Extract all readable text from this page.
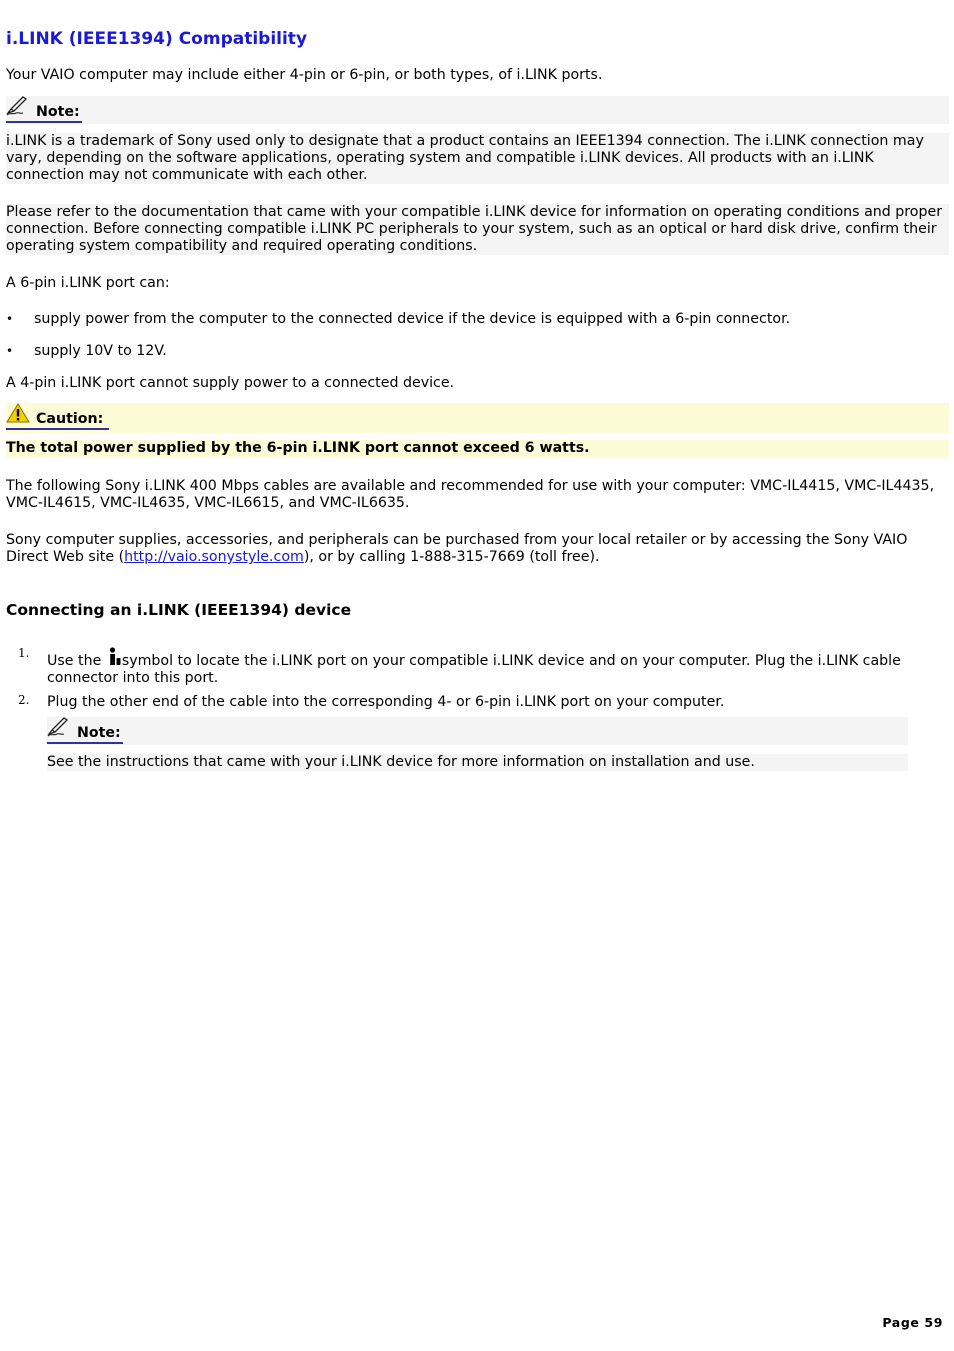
i.LINK (IEEE1394) Compatibility

Your VAIO computer may include either 4-pin or 6-pin, or both types, of i.LINK ports.

Note:
i.LINK is a trademark of Sony used only to designate that a product contains an IEEE1394 connection. The i.LINK connection may vary, depending on the software applications, operating system and compatible i.LINK devices. All products with an i.LINK connection may not communicate with each other.
Please refer to the documentation that came with your compatible i.LINK device for information on operating conditions and proper connection. Before connecting compatible i.LINK PC peripherals to your system, such as an optical or hard disk drive, confirm their operating system compatibility and required operating conditions.

A 6-pin i.LINK port can:

• supply power from the computer to the connected device if the device is equipped with a 6-pin connector.
• supply 10V to 12V.

A 4-pin i.LINK port cannot supply power to a connected device.

Caution:
The total power supplied by the 6-pin i.LINK port cannot exceed 6 watts.

The following Sony i.LINK 400 Mbps cables are available and recommended for use with your computer: VMC-IL4415, VMC-IL4435, VMC-IL4615, VMC-IL4635, VMC-IL6615, and VMC-IL6635.

Sony computer supplies, accessories, and peripherals can be purchased from your local retailer or by accessing the Sony VAIO Direct Web site (http://vaio.sonystyle.com), or by calling 1-888-315-7669 (toll free).

Connecting an i.LINK (IEEE1394) device
1. Use the symbol to locate the i.LINK port on your compatible i.LINK device and on your computer. Plug the i.LINK cable connector into this port.
2. Plug the other end of the cable into the corresponding 4- or 6-pin i.LINK port on your computer.
Note:
See the instructions that came with your i.LINK device for more information on installation and use.
Page 59
